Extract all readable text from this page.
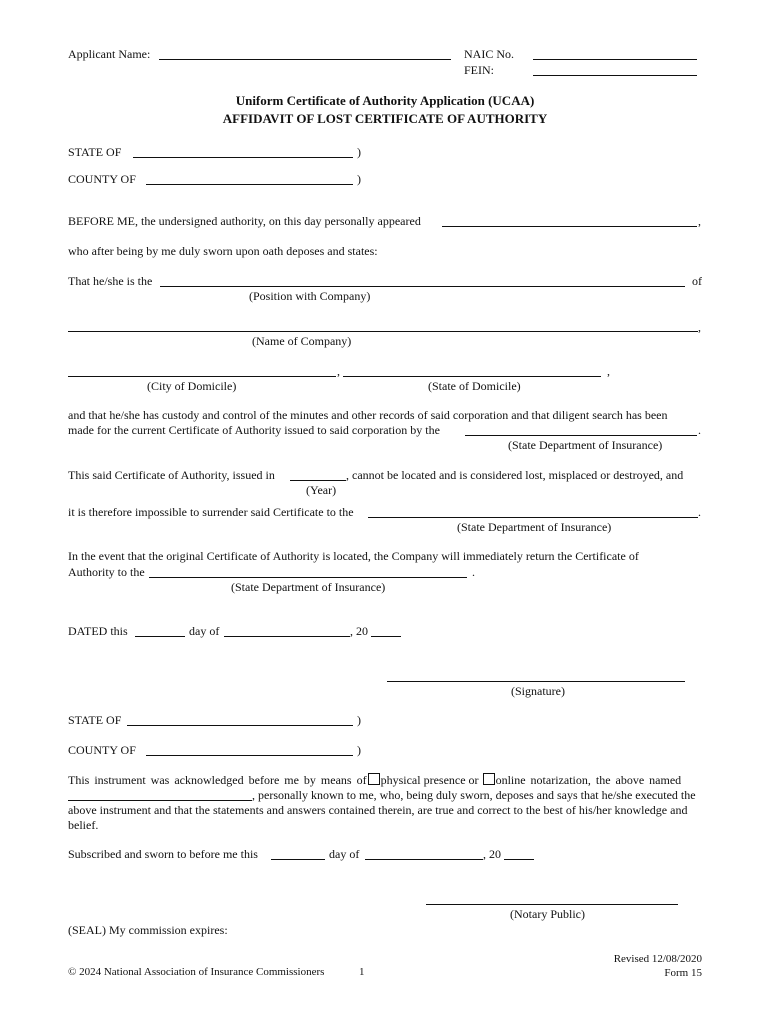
Applicant Name:	NAIC No.
FEIN:
Uniform Certificate of Authority Application (UCAA)
AFFIDAVIT OF LOST CERTIFICATE OF AUTHORITY
STATE OF	)
COUNTY OF	)
BEFORE ME, the undersigned authority, on this day personally appeared	,
who after being by me duly sworn upon oath deposes and states:
That he/she is the	of
(Position with Company)
,
(Name of Company)
,	,
(City of Domicile)	(State of Domicile)
and that he/she has custody and control of the minutes and other records of said corporation and that diligent search has been
made for the current Certificate of Authority issued to said corporation by the	.
(State Department of Insurance)
This said Certificate of Authority, issued in	, cannot be located and is considered lost, misplaced or destroyed, and
(Year)
it is therefore impossible to surrender said Certificate to the	.
(State Department of Insurance)
In the event that the original Certificate of Authority is located, the Company will immediately return the Certificate of
Authority to the	.
(State Department of Insurance)
DATED this	day of	, 20
(Signature)
STATE OF	)
COUNTY OF	)
This instrument was acknowledged before me by means of physical presence or online notarization, the above named
, personally known to me, who, being duly sworn, deposes and says that he/she executed the
above instrument and that the statements and answers contained therein, are true and correct to the best of his/her knowledge and
belief.
Subscribed and sworn to before me this	day of	, 20
(Notary Public)
(SEAL) My commission expires:
© 2024 National Association of Insurance Commissioners	1
Revised 12/08/2020
Form 15
